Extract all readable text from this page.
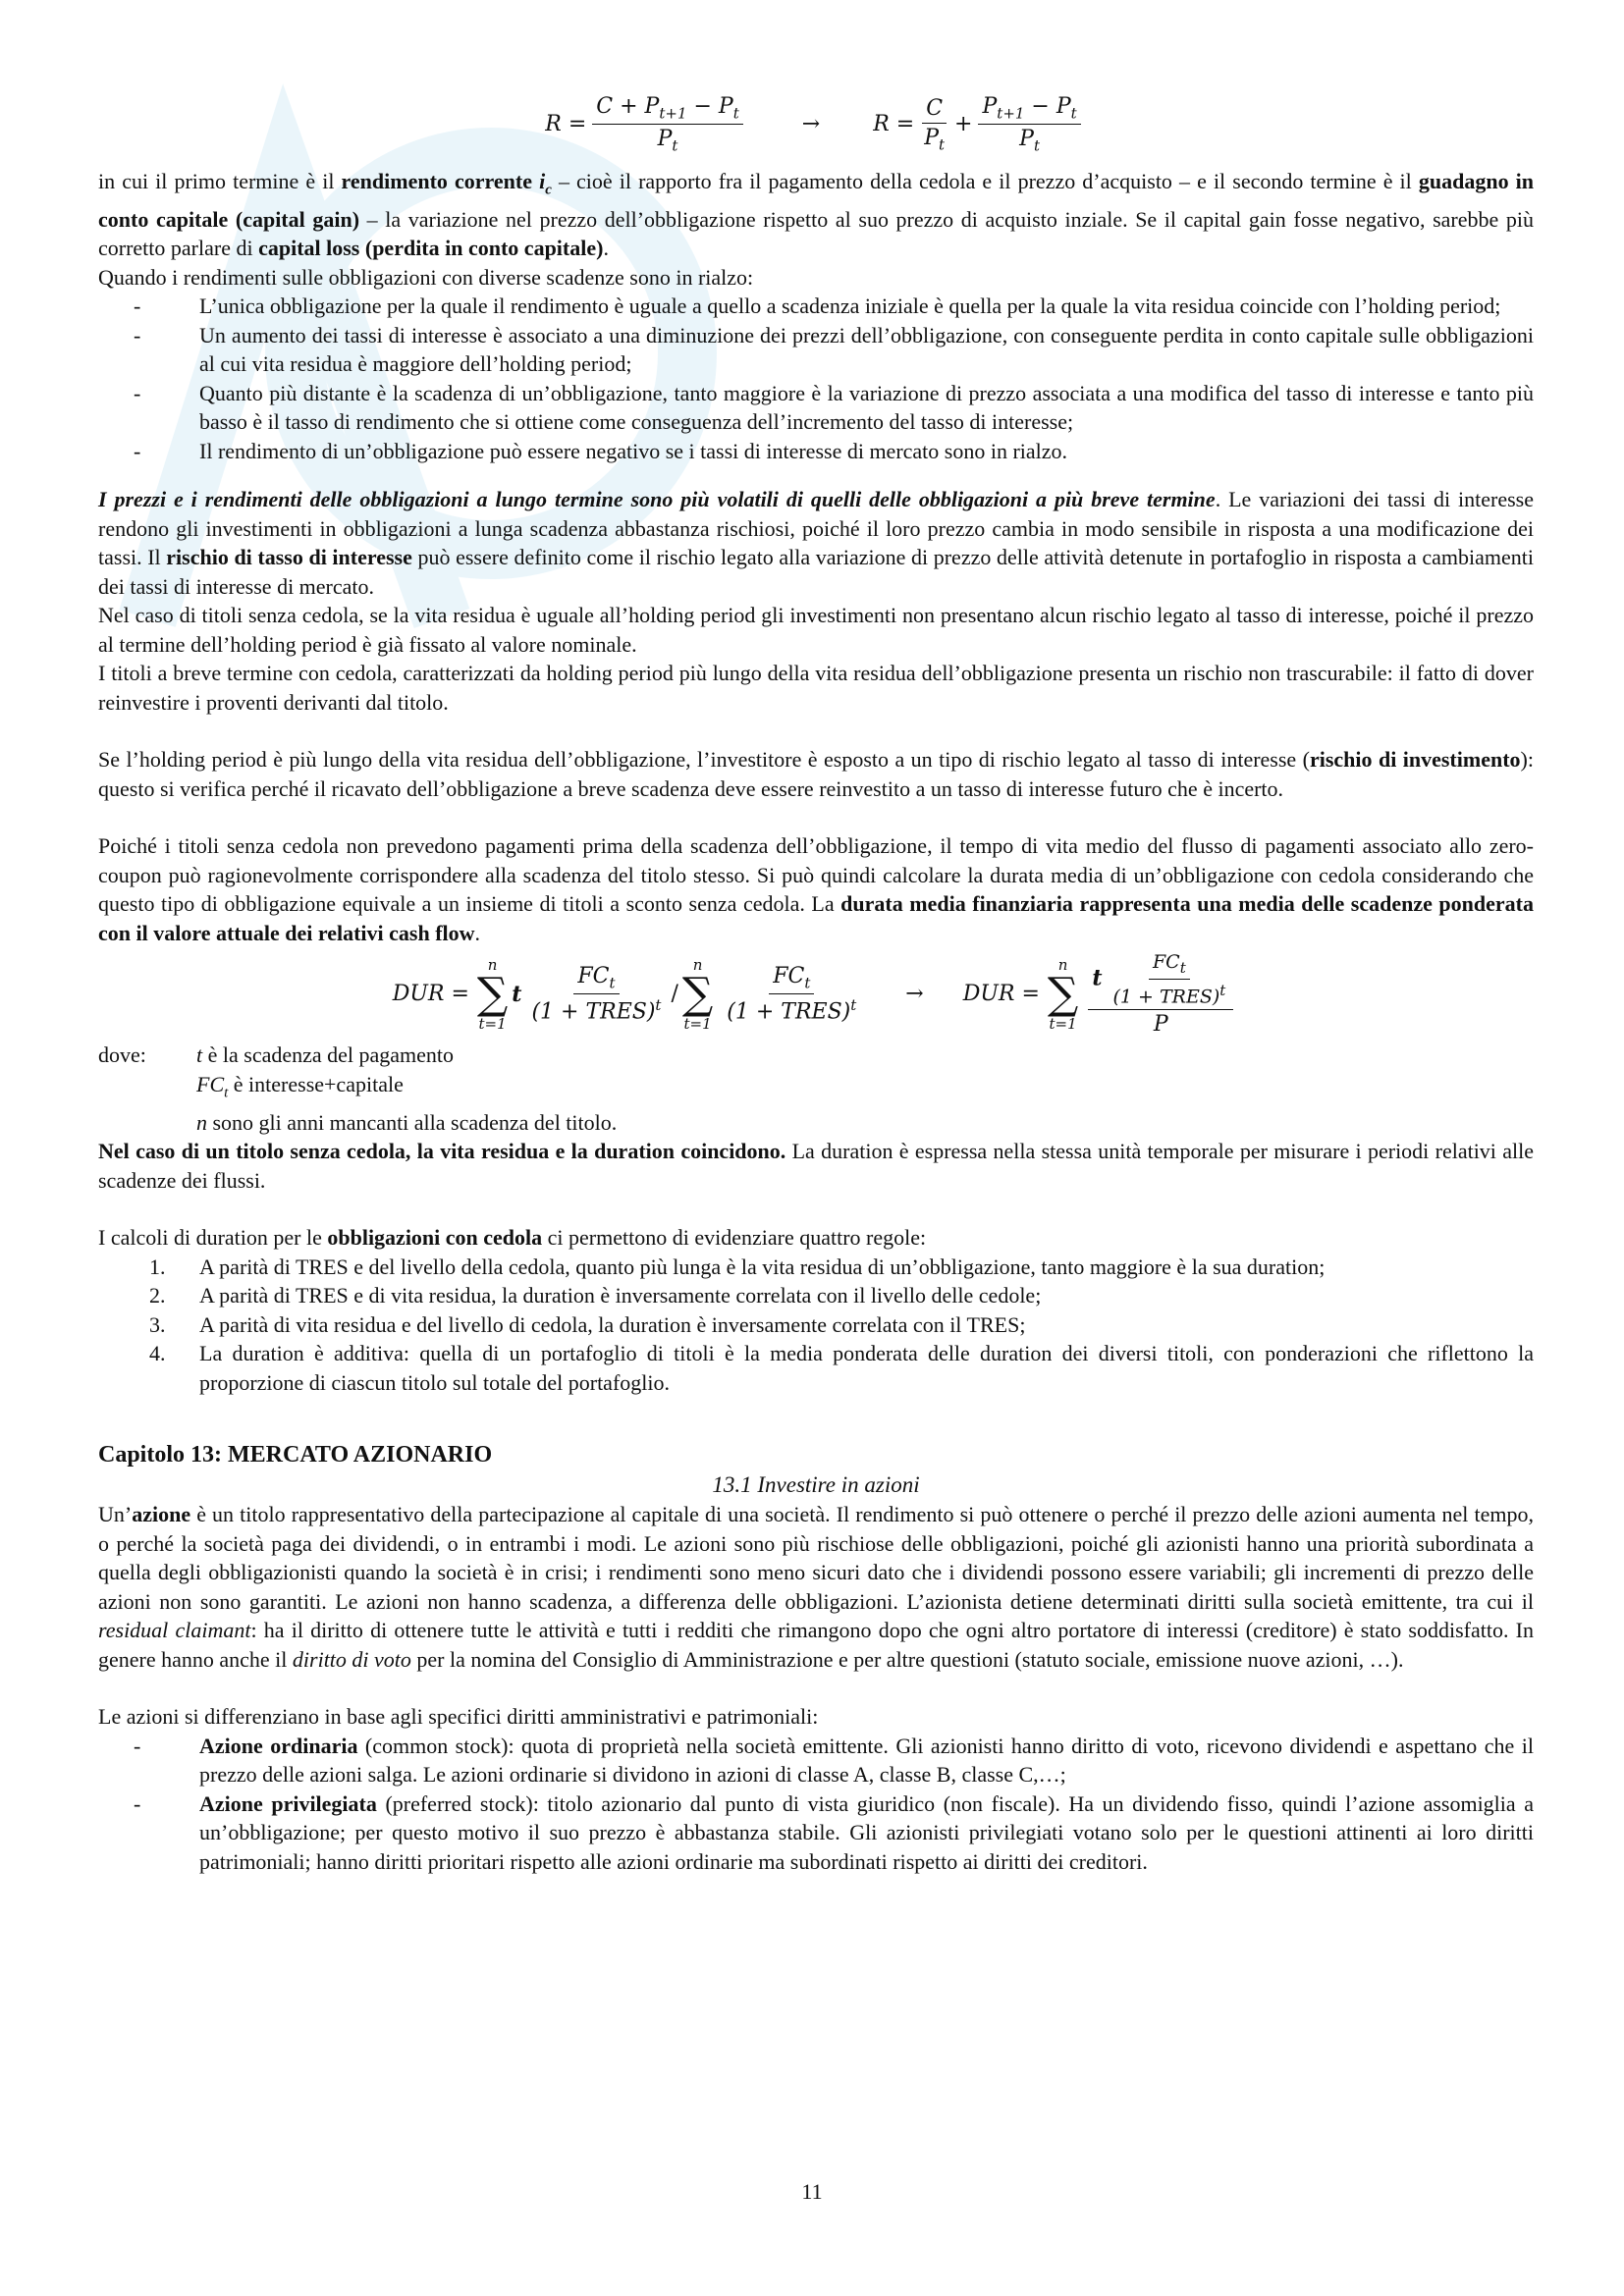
$R = \frac{C + P_{t+1} - P_t}{P_t}$	→ $R = \frac{C}{P_t} + \frac{P_{t+1} - P_t}{P_t}$

in cui il primo termine è il rendimento corrente $i_c$ – cioè il rapporto fra il pagamento della cedola e il prezzo d’acquisto – e il secondo termine è il guadagno in conto capitale (capital gain) – la variazione nel prezzo dell’obbligazione rispetto al suo prezzo di acquisto inziale. Se il capital gain fosse negativo, sarebbe più corretto parlare di capital loss (perdita in conto capitale).

Quando i rendimenti sulle obbligazioni con diverse scadenze sono in rialzo:

-	L’unica obbligazione per la quale il rendimento è uguale a quello a scadenza iniziale è quella per la quale la vita residua coincide con l’holding period;
-	Un aumento dei tassi di interesse è associato a una diminuzione dei prezzi dell’obbligazione, con conseguente perdita in conto capitale sulle obbligazioni al cui vita residua è maggiore dell’holding period;
-	Quanto più distante è la scadenza di un’obbligazione, tanto maggiore è la variazione di prezzo associata a una modifica del tasso di interesse e tanto più basso è il tasso di rendimento che si ottiene come conseguenza dell’incremento del tasso di interesse;
-	Il rendimento di un’obbligazione può essere negativo se i tassi di interesse di mercato sono in rialzo.

I prezzi e i rendimenti delle obbligazioni a lungo termine sono più volatili di quelli delle obbligazioni a più breve termine. Le variazioni dei tassi di interesse rendono gli investimenti in obbligazioni a lunga scadenza abbastanza rischiosi, poiché il loro prezzo cambia in modo sensibile in risposta a una modificazione dei tassi. Il rischio di tasso di interesse può essere definito come il rischio legato alla variazione di prezzo delle attività detenute in portafoglio in risposta a cambiamenti dei tassi di interesse di mercato.

Nel caso di titoli senza cedola, se la vita residua è uguale all’holding period gli investimenti non presentano alcun rischio legato al tasso di interesse, poiché il prezzo al termine dell’holding period è già fissato al valore nominale.

I titoli a breve termine con cedola, caratterizzati da holding period più lungo della vita residua dell’obbligazione presenta un rischio non trascurabile: il fatto di dover reinvestire i proventi derivanti dal titolo.

Se l’holding period è più lungo della vita residua dell’obbligazione, l’investitore è esposto a un tipo di rischio legato al tasso di interesse (rischio di investimento): questo si verifica perché il ricavato dell’obbligazione a breve scadenza deve essere reinvestito a un tasso di interesse futuro che è incerto.

Poiché i titoli senza cedola non prevedono pagamenti prima della scadenza dell’obbligazione, il tempo di vita medio del flusso di pagamenti associato allo zero-coupon può ragionevolmente corrispondere alla scadenza del titolo stesso. Si può quindi calcolare la durata media di un’obbligazione con cedola considerando che questo tipo di obbligazione equivale a un insieme di titoli a sconto senza cedola. La durata media finanziaria rappresenta una media delle scadenze ponderata con il valore attuale dei relativi cash flow.

DUR =
n
∑
t=1
t $\frac{FC_t}{(1 + TRES)^t}$ /
n
∑
$t=1 \frac{FC_t}{(1 + TRES)^t}$ → DUR =
n
∑
$t=1 \frac{t \frac{FC_t}{(1 + TRES)^t}}{P}$
dove:	t è la scadenza del pagamento
$FC_t$ è interesse+capitale
n sono gli anni mancanti alla scadenza del titolo.

Nel caso di un titolo senza cedola, la vita residua e la duration coincidono. La duration è espressa nella stessa unità temporale per misurare i periodi relativi alle scadenze dei flussi.

I calcoli di duration per le obbligazioni con cedola ci permettono di evidenziare quattro regole:

1. A parità di TRES e del livello della cedola, quanto più lunga è la vita residua di un’obbligazione, tanto maggiore è la sua duration;
2. A parità di TRES e di vita residua, la duration è inversamente correlata con il livello delle cedole;
3. A parità di vita residua e del livello di cedola, la duration è inversamente correlata con il TRES;
4. La duration è additiva: quella di un portafoglio di titoli è la media ponderata delle duration dei diversi titoli, con ponderazioni che riflettono la proporzione di ciascun titolo sul totale del portafoglio.
Capitolo 13: MERCATO AZIONARIO
13.1 Investire in azioni

Un’azione è un titolo rappresentativo della partecipazione al capitale di una società. Il rendimento si può ottenere o perché il prezzo delle azioni aumenta nel tempo, o perché la società paga dei dividendi, o in entrambi i modi. Le azioni sono più rischiose delle obbligazioni, poiché gli azionisti hanno una priorità subordinata a quella degli obbligazionisti quando la società è in crisi; i rendimenti sono meno sicuri dato che i dividendi possono essere variabili; gli incrementi di prezzo delle azioni non sono garantiti. Le azioni non hanno scadenza, a differenza delle obbligazioni. L’azionista detiene determinati diritti sulla società emittente, tra cui il residual claimant: ha il diritto di ottenere tutte le attività e tutti i redditi che rimangono dopo che ogni altro portatore di interessi (creditore) è stato soddisfatto. In genere hanno anche il diritto di voto per la nomina del Consiglio di Amministrazione e per altre questioni (statuto sociale, emissione nuove azioni, …).

Le azioni si differenziano in base agli specifici diritti amministrativi e patrimoniali:

-	Azione ordinaria (common stock): quota di proprietà nella società emittente. Gli azionisti hanno diritto di voto, ricevono dividendi e aspettano che il prezzo delle azioni salga. Le azioni ordinarie si dividono in azioni di classe A, classe B, classe C,…;
-	Azione privilegiata (preferred stock): titolo azionario dal punto di vista giuridico (non fiscale). Ha un dividendo fisso, quindi l’azione assomiglia a un’obbligazione; per questo motivo il suo prezzo è abbastanza stabile. Gli azionisti privilegiati votano solo per le questioni attinenti ai loro diritti patrimoniali; hanno diritti prioritari rispetto alle azioni ordinarie ma subordinati rispetto ai diritti dei creditori.
11
